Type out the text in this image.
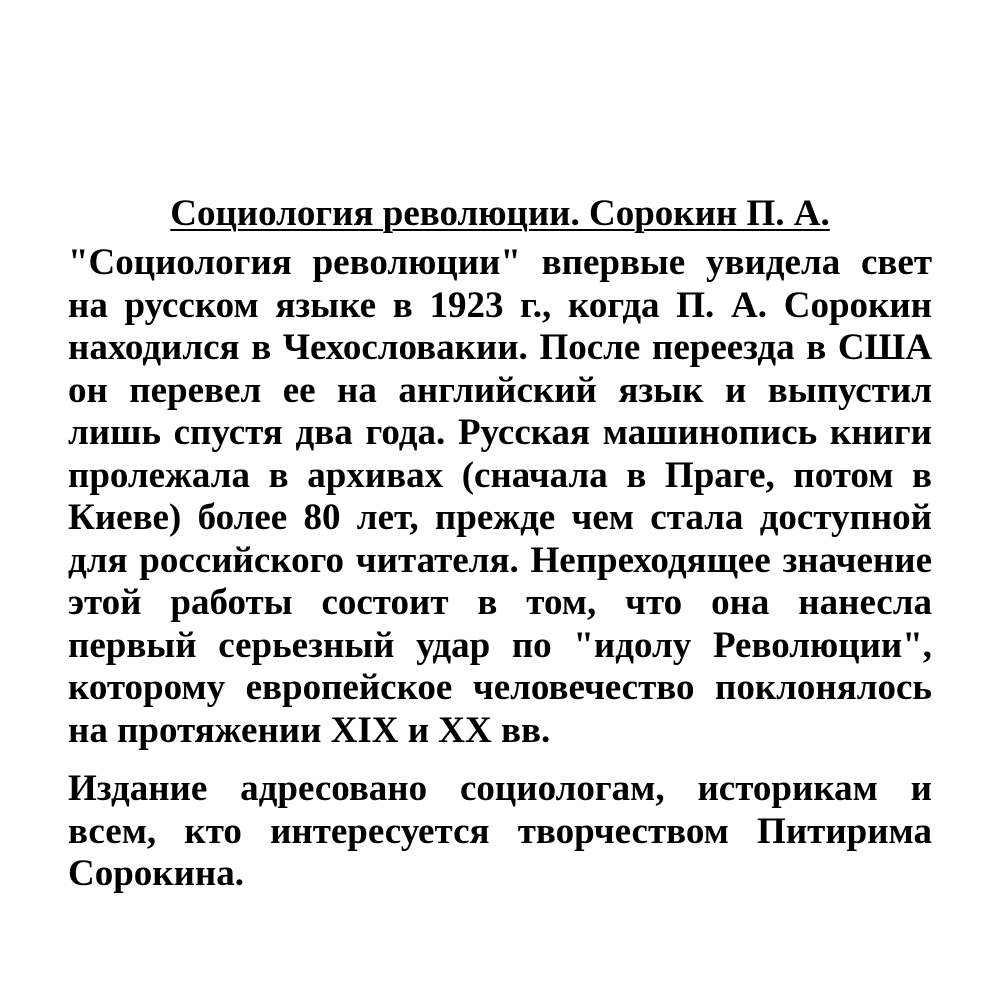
Социология революции. Сорокин П. А.

"Социология революции" впервые увидела свет на русском языке в 1923 г., когда П. А. Сорокин находился в Чехословакии. После переезда в США он перевел ее на английский язык и выпустил лишь спустя два года. Русская машинопись книги пролежала в архивах (сначала в Праге, потом в Киеве) более 80 лет, прежде чем стала доступной для российского читателя. Непреходящее значение этой работы состоит в том, что она нанесла первый серьезный удар по "идолу Революции", которому европейское человечество поклонялось на протяжении XIX и XX вв.

Издание адресовано социологам, историкам и всем, кто интересуется творчеством Питирима Сорокина.
